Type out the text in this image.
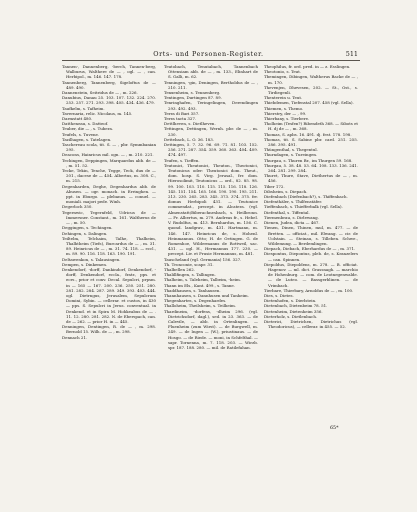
Orts- und Personen-Register.	511

Tannen-, Dannenberg, -berch, Tannen-berg, Walburus, Walthere de — , ogl. — , can. Herbipol., m. 146. 147. 178.

Tannenberg, Tannenberg, Sigeloftus de — 489. 490.

Dannenstein, Seitridus de — , m. 226.

Danubius, Danau 25. 103. 107. 132. 224. 270. 253. 257. 271. 293. 398. 405. 434. 436. 479.

Taufkelm, s. Tafheim.

Tavernaria, relic. Nicolaus, m. 145.

Darmstatt 480.

Dattheneau, s. Datteof.

Teuber, die — , s. Tubera.

Teufels, s. Tuvene.

Tazilhagen, s. Tatelagen.

Taschereau scola, tit. S. — , pbr. Symmbanian 295.

Deacons, Hainricus mil. ogn. — , m. 210. 221.

Techingen, Deppingen, Marquardus abb. de — , m. 51. 52.

Tecke, Tekin, Tenche, Tegge, Teck, dux de — 201., dacese de — 454. Albertus, m. 308. C., m. 215.

Degenharden, Deghe, Degenhardus abb. de Abusen. — ogr. monach. in Erringhen. — ppt. in Eburgo. — plebanus. — conuel. — moniali. majori pede. Winh.

Degerloch 350.

Tegernwic, Tegernfeld, Udricus de — Immersner. Constant., m. 161. Waltherus de — , m. 50.

Deggingen, s. Techingen.

Dehingen, s. Dalingen.

Teiltelm, Telchaim, Talhe, Thalheim, Thalhtheim (Tiefs), Burcardus de — , m. 31. 89. Heinricus de — , m. 31. 74. 118. — eccl., m. 89. 90. 116. 118. 163. 190. 191.

Deltawenkon, s. Talausingen.

Dempen, s. Dinkemen.

Denkendorf, -dorff, Dankindorf, Denkendorf, -dorff, Denkendorf, eccla., fratr., pps. et ecrs., prior et conv. Decal. Sepulcri, prpsm. in — 165 — 167. 200. 236. 250. 251. 280. 281. 282. 284. 287. 289. 349. 393. 403. 444. ogl. Dietrngus, Jerusalem, Sepulcrum Domini, Sybin. — cellerar. et custos, in 430 — pps. S. Sepulcri in Jerus. conventual. in Denkend. et in Spira M. Hohkeabus de — . 11. 12. 280. 281. 282. N. de Eberspach, can. de — 262. — prior H. in — 445.

Denningen, Dentingen, R. de — , m. 298. Bernold 15. Wilh. de — , m. 298.

Dennach 21.

Teutobach, Tenutabach, Tannenbach Ottensiam abb. de — , m. 133., Elinhart de S. Galli, m. 62.

Tenningen, -gin, Deningen, Bertholdus de — , 210. 211.

Tenxenheim, s. Tennenberg.

Tentingen, Durtingen 87. 89.

Tenringhafen, Teringelingen, Derendingen 293. 492. 493.

Terra di Bari 357.

Terra tacta 327.

Dettlheven, s. Dietlheven.

Tettingen, Dettingen, Wernh. pbr. de — , m. 230.

Dettebach, L. O. 36. 183.

Dettingen, 5. 7. 32. 96. 69. 71. 81. 103. 152. 256. 271. 287. 354. 359. 360. 363. 404. 409. 474. 497.

Teufen, s. Tieffen.

Teutonici, Theutonici, Theuton., Theotonici, Teutonicus oder: Theutonici dom. Theut., dom. hosp. S. Virg. Jerusal., frr. dom. Hierosolimit, Teutonicus — ord., 82. 85. 98. 99. 100. 103. 110. 115. 115. 116. 118. 126. 145. 151. 154. 165. 166. 190. 190. 195. 211. 213. 230. 265. 283. 345. 373. 374. 375. frr. domus Herbipoli 431. — Teutonice commendat., precept. in Alcatera. (vgl. Almenstatt/Biberachnesbach, s. Heilbronn. — Fr. Albertus, m. 279. Andreas fr., s. Hebel. V. Rudolfus, m. 413. Bernhardus, m. 156. C. quond. landgrav., m. 431. Hartmann, m. 146. 147. Heinricus de, s. Hohenl. Heinmannus. Otto; H. de Oetingen. G. de Romenhoe, Wildermanns de Rottweil, sac. 431. — ogl. H., Hermannus 177. 230. — precept. Liv. et Prusie Hermannus, m. 481.

Tauscheland (vgl. Germania) 156. 327.

Th. Tronconie, scapr. 31.

Thalbellen 262.

Thalillfingen, s. Tallingen.

Thalheim, s. Taleheim, Talbeim, -heim.

Thann im Els., Kant. 499., s. Tanne.

Thaddhausen, s. Tanhausen.

Thannhausen, s. Dannhusen und Tanheim.

Thegenhartes, s. Degenhardes.

Thalloheim, Theilsheim, s. Teilheim.

Thardineim, -dorfens, -dheim 296. (vgl. Dietrichsdorf, dagl.), sed. in 23. 363. — de Calevile, — abb. in Ortenlingen. — Fluenheim (zum Wirst). — de Burgwell, m. 249. — de Ingen — (W.), priustinaus. — de Hosgo. — de Riede. — moni, in Schfelthal. — sapr. Tornenna, m. 7. 118. 203. — Wirzb. spr. 187. 188. 280. — mil. de Ratilefahan.

Theophilus, fr. ord. pred. in — z. Esslingen.

Theotonio, s. Teut.

Tbemingen, Dibingen, Waltherus Backe de — , m. 170.

Thevenjen, Dhevesen, 202. — St., Ost., s. Tirdiegenli.

Thenterein u. Teut.

Thiebdemen, Tiefenstal 207. 458 (vgl. Sella).

Thiemen, s. Themo.

Thierstry, der — , 99.

Thierbany, s. Tierbere.

Tholheim (Tesfen?) Ribendeth 368. — Sibots et H. dj de — , m. 368.

Thomas, S. apbs. 16. 491. dj. fest. 178. 198.

Thomas, tit. S. Sabine pbr. card. 251. 255. 286. 395. 491.

Thüngenthal, s. Thegentul.

Thurndagen, s. Tureingen.

Thurgau, s. Thuren Br., im Thurgen 59. 168.

Thurgau, 5. 38. 48. 53. 64. 108. 133. 136. 241. 264. 281. 299. 284.

Thuret, Thure, Stave, Diethertus de — , m. 456.

Tiber 172.

Dibsheim, s. Diepach.

Diefenbach (Diefenbach?), s. Thiffenbach.

Diefenthäler, s. Thilfenstäfer.

Tieffenbach, s. Thiefferbalk (vgl. Sella).

Diefenthal, s. Tiffental.

Tiermenbrau, s. Dirlewang.

Dienen, Judea, dicta — 467.

Tienen, Dinen, Thinen, mul, m. 477. — de Bretten. — officiat., mil. Elwang. — cir. de Uolstain. — Steinau, s. Tilleben. Schwe., Wildemung. — Berdemlingen.

Diepach, Diebach, Eberhardus de — , m. 371.

Diespontus, Diepontus, pleb. de, s. Kranzelers — can. Spinnen.

Diepoldus, Diepoldens, m. 278. — B. officiat. Hagenov. — ml. dict. Grassnagh. — marchio de Hohenburg. — com. de Leotnegenwalde. — de Luteo. — Bassgerblinen. — de Vrimbach.

Tierbare, Thierbary, Arnoldus de — , m. 100.

Dies, s. Dietes.

Dietenhofen, s. Dierlstein.

Dietenbach, Dietenbeim 78. 51.

Dietenheim, Dietenheim 356.

Dieterholz, s. Dietlenbach.

Dieterici, Dietrichen, Dietrichus (vgl. Theodoricus), — cellerar. in 455. — 52.

65*
